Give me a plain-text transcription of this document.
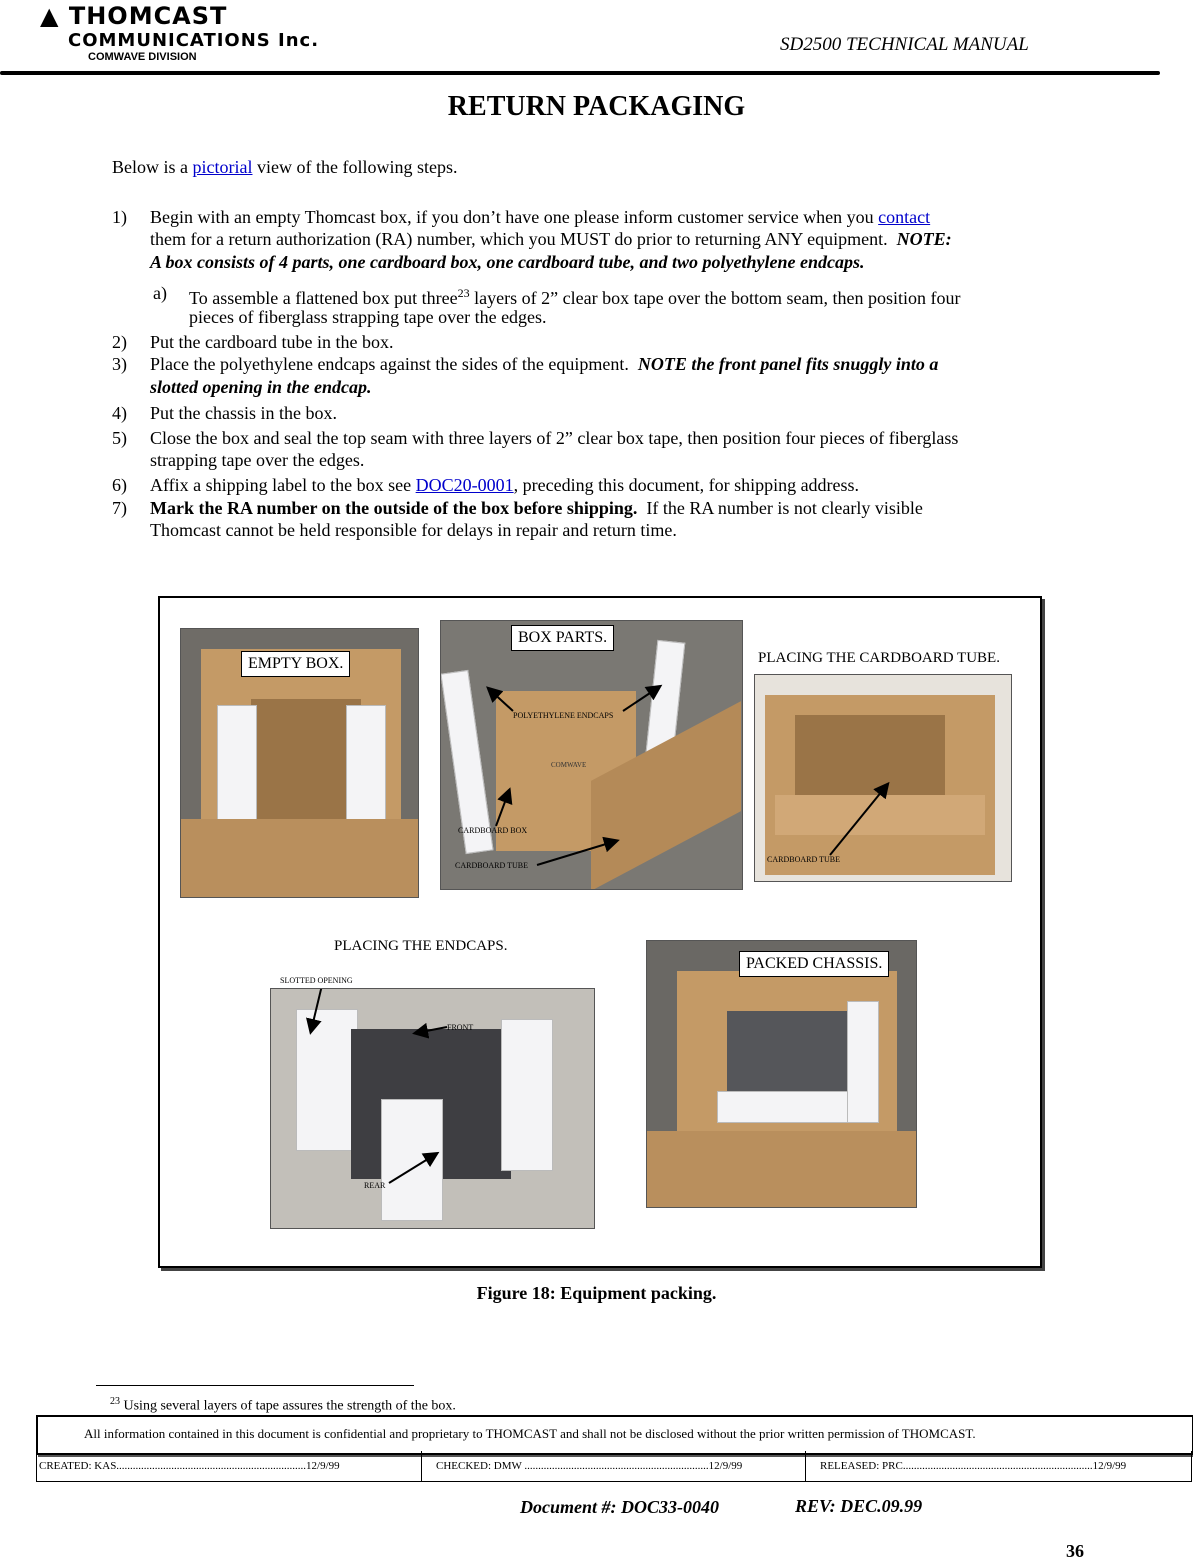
▲ THOMCAST
COMMUNICATIONS Inc.
COMWAVE DIVISION
SD2500 TECHNICAL MANUAL
RETURN PACKAGING
Below is a pictorial view of the following steps.
1) Begin with an empty Thomcast box, if you don’t have one please inform customer service when you contact
them for a return authorization (RA) number, which you MUST do prior to returning ANY equipment. NOTE:
A box consists of 4 parts, one cardboard box, one cardboard tube, and two polyethylene endcaps.
a) To assemble a flattened box put three$^{23}$ layers of 2” clear box tape over the bottom seam, then position four
pieces of fiberglass strapping tape over the edges.
2) Put the cardboard tube in the box.
3) Place the polyethylene endcaps against the sides of the equipment. NOTE the front panel fits snuggly into a
slotted opening in the endcap.
4) Put the chassis in the box.
5) Close the box and seal the top seam with three layers of 2” clear box tape, then position four pieces of fiberglass
strapping tape over the edges.
6) Affix a shipping label to the box see DOC20-0001, preceding this document, for shipping address.
7) Mark the RA number on the outside of the box before shipping. If the RA number is not clearly visible
Thomcast cannot be held responsible for delays in repair and return time.
EMPTY BOX.
COMWAVE
BOX PARTS.
POLYETHYLENE ENDCAPS
CARDBOARD BOX
CARDBOARD TUBE
PLACING THE CARDBOARD TUBE.
CARDBOARD TUBE
PLACING THE ENDCAPS.
SLOTTED OPENING
FRONT
REAR
PACKED CHASSIS.
Figure 18: Equipment packing.
$^{23}$ Using several layers of tape assures the strength of the box.
All information contained in this document is confidential and proprietary to THOMCAST and shall not be disclosed without the prior written permission of THOMCAST.
CREATED: KAS.....................................................................12/9/99	CHECKED: DMW ...................................................................12/9/99	RELEASED: PRC.....................................................................12/9/99
Document #: DOC33-0040	REV: DEC.09.99
36
